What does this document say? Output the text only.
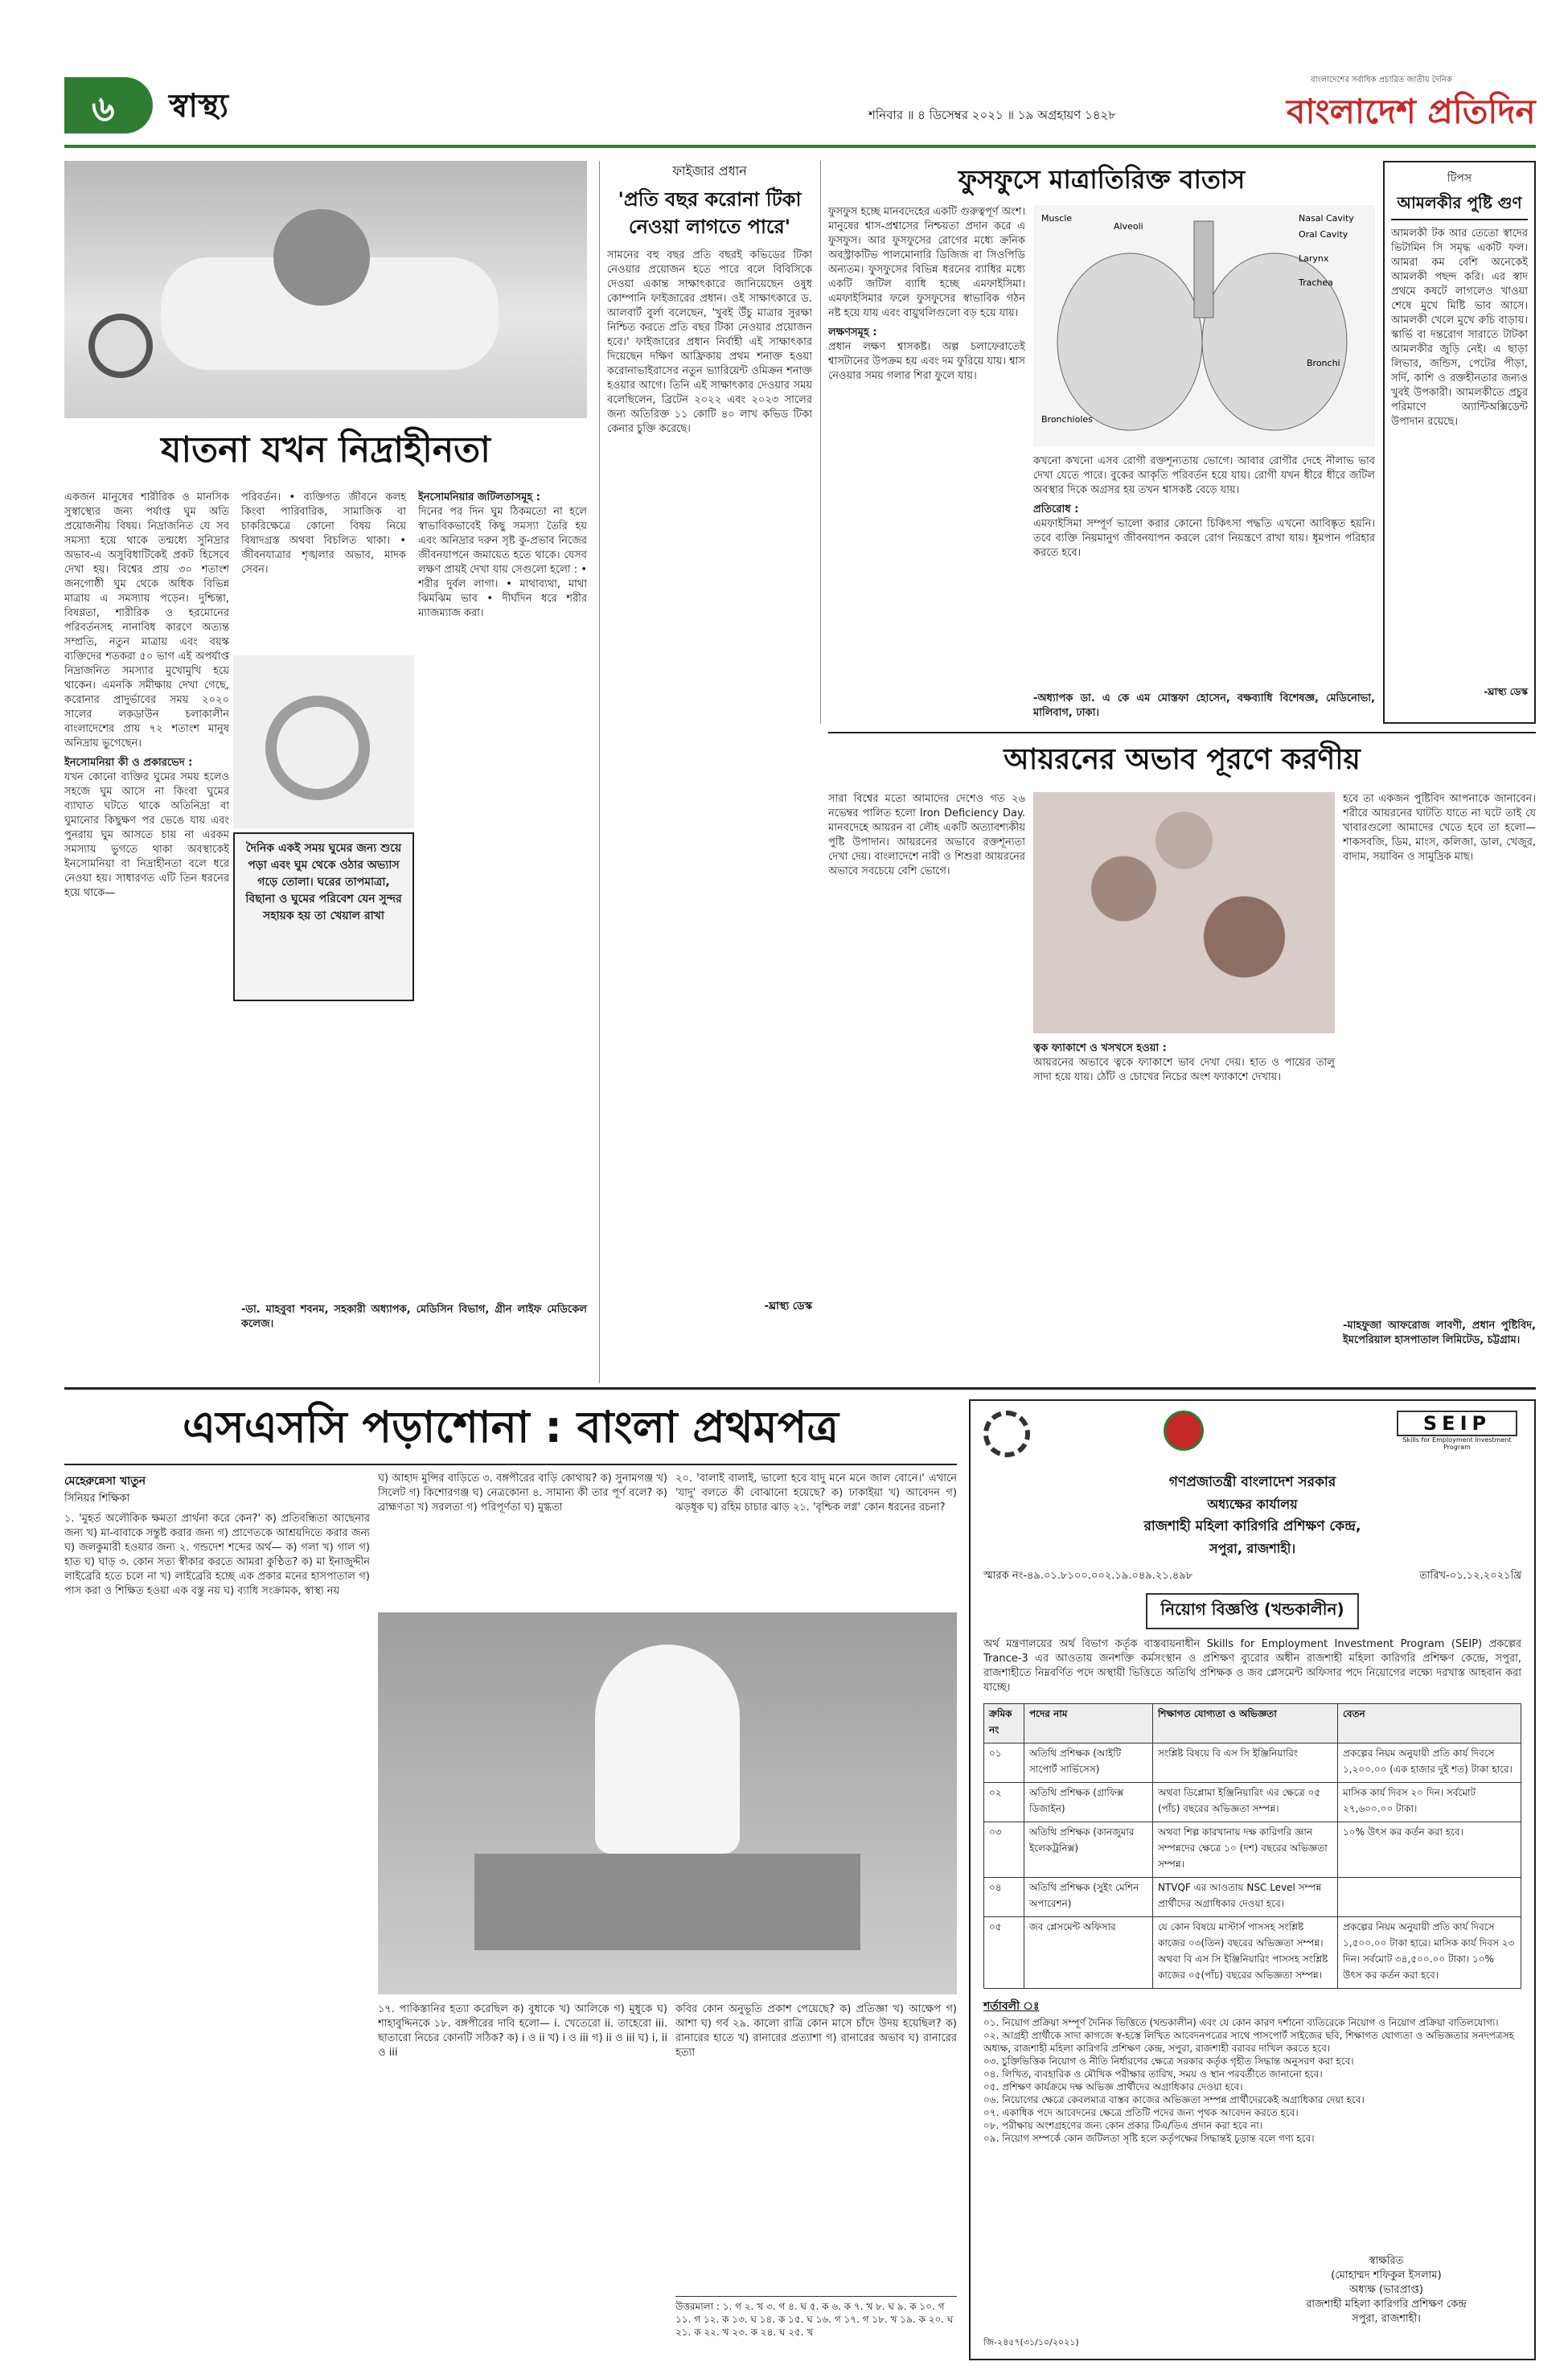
৬ স্বাস্থ্য	শনিবার ॥ ৪ ডিসেম্বর ২০২১ ॥ ১৯ অগ্রহায়ণ ১৪২৮
বাংলাদেশের সর্বাধিক প্রচারিত জাতীয় দৈনিক
বাংলাদেশ প্রতিদিন
যাতনা যখন নিদ্রাহীনতা

একজন মানুষের শারীরিক ও মানসিক সুস্বাস্থ্যের জন্য পর্যাপ্ত ঘুম অতি প্রয়োজনীয় বিষয়। নিদ্রাজনিত যে সব সমস্যা হয়ে থাকে তন্মধ্যে সুনিদ্রার অভাব-এ অসুবিধাটিকেই প্রকট হিসেবে দেখা হয়। বিশ্বের প্রায় ৩০ শতাংশ জনগোষ্ঠী ঘুম থেকে অধিক বিভিন্ন মাত্রায় এ সমস্যায় পড়েন। দুশ্চিন্তা, বিষণ্ণতা, শারীরিক ও হরমোনের পরিবর্তনসহ নানাবিধ কারণে অত্যন্ত সম্প্রতি, নতুন মাত্রায় এবং বয়স্ক ব্যক্তিদের শতকরা ৫০ ভাগ এই অপর্যাপ্ত নিদ্রাজনিত সমস্যার মুখোমুখি হয়ে থাকেন। এমনকি সমীক্ষায় দেখা গেছে, করোনার প্রাদুর্ভাবের সময় ২০২০ সালের লকডাউন চলাকালীন বাংলাদেশের প্রায় ৭২ শতাংশ মানুষ অনিদ্রায় ভুগেছেন।

ইনসোমনিয়া কী ও প্রকারভেদ :

যখন কোনো ব্যক্তির ঘুমের সময় হলেও সহজে ঘুম আসে না কিংবা ঘুমের ব্যাঘাত ঘটতে থাকে অতিনিদ্রা বা ঘুমানোর কিছুক্ষণ পর ভেঙে যায় এবং পুনরায় ঘুম আসতে চায় না এরকম সমস্যায় ভুগতে থাকা অবস্থাকেই ইনসোমনিয়া বা নিদ্রাহীনতা বলে ধরে নেওয়া হয়। সাধারণত এটি তিন ধরনের হয়ে থাকে—

দৈনিক একই সময় ঘুমের জন্য শুয়ে পড়া এবং ঘুম থেকে ওঠার অভ্যাস গড়ে তোলা। ঘরের তাপমাত্রা, বিছানা ও ঘুমের পরিবেশ যেন সুন্দর সহায়ক হয় তা খেয়াল রাখা

পরিবর্তন। • ব্যক্তিগত জীবনে কলহ কিংবা পারিবারিক, সামাজিক বা চাকরিক্ষেত্রে কোনো বিষয় নিয়ে বিষাদগ্রস্ত অথবা বিচলিত থাকা। • জীবনযাত্রার শৃঙ্খলার অভাব, মাদক সেবন।

ইনসোমনিয়ার জটিলতাসমূহ :

দিনের পর দিন ঘুম ঠিকমতো না হলে স্বাভাবিকভাবেই কিছু সমস্যা তৈরি হয় এবং অনিদ্রার দরুন সৃষ্ট কু-প্রভাব নিজের জীবনযাপনে জমায়েত হতে থাকে। যেসব লক্ষণ প্রায়ই দেখা যায় সেগুলো হলো : • শরীর দুর্বল লাগা। • মাথাব্যথা, মাথা ঝিমঝিম ভাব • দীর্ঘদিন ধরে শরীর ম্যাজম্যাজ করা।

-ডা. মাহবুবা শবনম, সহকারী অধ্যাপক, মেডিসিন বিভাগ, গ্রীন লাইফ মেডিকেল কলেজ।
ফাইজার প্রধান
'প্রতি বছর করোনা টিকা নেওয়া লাগতে পারে'

সামনের বহু বছর প্রতি বছরই কভিডের টিকা নেওয়ার প্রয়োজন হতে পারে বলে বিবিসিকে দেওয়া একান্ত সাক্ষাৎকারে জানিয়েছেন ওষুধ কোম্পানি ফাইজারের প্রধান। ওই সাক্ষাৎকারে ড. আলবার্ট বুর্লা বলেছেন, 'খুবই উঁচু মাত্রার সুরক্ষা নিশ্চিত করতে প্রতি বছর টিকা নেওয়ার প্রয়োজন হবে।' ফাইজারের প্রধান নির্বাহী এই সাক্ষাৎকার দিয়েছেন দক্ষিণ আফ্রিকায় প্রথম শনাক্ত হওয়া করোনাভাইরাসের নতুন ভ্যারিয়েন্ট ওমিক্রন শনাক্ত হওয়ার আগে। তিনি এই সাক্ষাৎকার দেওয়ার সময় বলেছিলেন, ব্রিটেন ২০২২ এবং ২০২৩ সালের জন্য অতিরিক্ত ১১ কোটি ৪০ লাখ কভিড টিকা কেনার চুক্তি করেছে।

-ঘ্রাস্থ্য ডেস্ক
ফুসফুসে মাত্রাতিরিক্ত বাতাস

ফুসফুস হচ্ছে মানবদেহের একটি গুরুত্বপূর্ণ অংশ। মানুষের শ্বাস-প্রশ্বাসের নিশ্চয়তা প্রদান করে এ ফুসফুস। আর ফুসফুসের রোগের মধ্যে ক্রনিক অবস্ট্রাকটিভ পালমোনারি ডিজিজ বা সিওপিডি অন্যতম। ফুসফুসের বিভিন্ন ধরনের ব্যাধির মধ্যে একটি জটিল ব্যাধি হচ্ছে এমফাইসিমা। এমফাইসিমার ফলে ফুসফুসের স্বাভাবিক গঠন নষ্ট হয়ে যায় এবং বায়ুথলিগুলো বড় হয়ে যায়।

লক্ষণসমূহ :

প্রধান লক্ষণ শ্বাসকষ্ট। অল্প চলাফেরাতেই শ্বাসটানের উপক্রম হয় এবং দম ফুরিয়ে যায়। শ্বাস নেওয়ার সময় গলার শিরা ফুলে যায়।

Muscle
Alveoli
Nasal Cavity
Oral Cavity
Larynx
Trachea
Bronchi
Bronchioles

কখনো কখনো এসব রোগী রক্তশূন্যতায় ভোগে। আবার রোগীর দেহে নীলাভ ভাব দেখা যেতে পারে। বুকের আকৃতি পরিবর্তন হয়ে যায়। রোগী যখন ধীরে ধীরে জটিল অবস্থার দিকে অগ্রসর হয় তখন শ্বাসকষ্ট বেড়ে যায়।

প্রতিরোধ :

এমফাইসিমা সম্পূর্ণ ভালো করার কোনো চিকিৎসা পদ্ধতি এখনো আবিষ্কৃত হয়নি। তবে ব্যক্তি নিয়মানুগ জীবনযাপন করলে রোগ নিয়ন্ত্রণে রাখা যায়। ধূমপান পরিহার করতে হবে।

-অধ্যাপক ডা. এ কে এম মোস্তফা হোসেন, বক্ষব্যাধি বিশেষজ্ঞ, মেডিনোভা, মালিবাগ, ঢাকা।
টিপস
আমলকীর পুষ্টি গুণ

আমলকী টক আর তেতো স্বাদের ভিটামিন সি সমৃদ্ধ একটি ফল। আমরা কম বেশি অনেকেই আমলকী পছন্দ করি। এর স্বাদ প্রথমে কষটে লাগলেও খাওয়া শেষে মুখে মিষ্টি ভাব আসে। আমলকী খেলে মুখে রুচি বাড়ায়। স্কার্ভি বা দন্তরোগ সারাতে টাটকা আমলকীর জুড়ি নেই। এ ছাড়া লিভার, জন্ডিস, পেটের পীড়া, সর্দি, কাশি ও রক্তহীনতার জন্যও খুবই উপকারী। আমলকীতে প্রচুর পরিমাণে অ্যান্টিঅক্সিডেন্ট উপাদান রয়েছে।

-ঘ্রাস্থ্য ডেস্ক
আয়রনের অভাব পূরণে করণীয়

সারা বিশ্বের মতো আমাদের দেশেও গত ২৬ নভেম্বর পালিত হলো Iron Deficiency Day. মানবদেহে আয়রন বা লৌহ একটি অত্যাবশ্যকীয় পুষ্টি উপাদান। আয়রনের অভাবে রক্তশূন্যতা দেখা দেয়। বাংলাদেশে নারী ও শিশুরা আয়রনের অভাবে সবচেয়ে বেশি ভোগে।

ত্বক ফ্যাকাশে ও খসখসে হওয়া :

আয়রনের অভাবে ত্বকে ফ্যাকাশে ভাব দেখা দেয়। হাত ও পায়ের তালু সাদা হয়ে যায়। ঠোঁট ও চোখের নিচের অংশ ফ্যাকাশে দেখায়।

হবে তা একজন পুষ্টিবিদ আপনাকে জানাবেন। শরীরে আয়রনের ঘাটতি যাতে না ঘটে তাই যে খাবারগুলো আমাদের খেতে হবে তা হলো— শাকসবজি, ডিম, মাংস, কলিজা, ডাল, খেজুর, বাদাম, সয়াবিন ও সামুদ্রিক মাছ।

-মাহফুজা আফরোজ লাবণী, প্রধান পুষ্টিবিদ, ইমপেরিয়াল হাসপাতাল লিমিটেড, চট্টগ্রাম।
এসএসসি পড়াশোনা : বাংলা প্রথমপত্র
মেহেরুন্নেসা খাতুন
সিনিয়র শিক্ষিকা

১. 'মুহর্ত অলৌকিক ক্ষমতা প্রার্থনা করে কেন?' ক) প্রতিবন্ধিতা আছেনার জন্য খ) মা-বাবাকে সন্তুষ্ট করার জন্য গ) প্রাণেতকে আশ্রয়দিতে করার জন্য ঘ) জলকুমারী হওয়ার জন্য ২. গন্ডদেশ শব্দের অর্থ— ক) গলা খ) গাল গ) হাত ঘ) ঘাড় ৩. কোন সত্য স্বীকার করতে আমরা কুণ্ঠিত? ক) মা ইনাজুদ্দীন লাইব্রেরি হতে চলে না খ) লাইব্রেরি হচ্ছে এক প্রকার মনের হাসপাতাল গ) পাস করা ও শিক্ষিত হওয়া এক বস্তু নয় ঘ) ব্যাধি সংক্রামক, স্বাস্থ্য নয়

ঘ) আহাদ মুন্সির বাড়িতে ৩. বঙ্গপীরের বাড়ি কোথায়? ক) সুনামগঞ্জ খ) সিলেট গ) কিশোরগঞ্জ ঘ) নেত্রকোনা ৪. সামান্য কী তার পূর্ণ বলে? ক) ব্রাহ্মণতা খ) সরলতা গ) পরিপূর্ণতা ঘ) মুগ্ধতা

২০. 'বালাই বালাই, ভালো হবে যাদু মনে মনে জাল বোনে।' এখানে 'যাদু' বলতে কী বোঝানো হয়েছে? ক) ঢাকাইয়া খ) আবেদন গ) ঝড়ধূক ঘ) রহিম চাচার ঝাড় ২১. 'বৃশ্চিক লগ্ন' কোন ধরনের রচনা?

১৭. পাকিস্তানির হত্যা করেছিল ক) বুধাকে খ) আলিকে গ) মুধুকে ঘ) শাহাবুদ্দিনকে ১৮. বঙ্গপীরের দাবি হলো— i. খেতেরো ii. তাহেরো iii. ছাতারো নিচের কোনটি সঠিক? ক) i ও ii খ) i ও iii গ) ii ও iii ঘ) i, ii ও iii

কবির কোন অনুভূতি প্রকাশ পেয়েছে? ক) প্রতিজ্ঞা খ) আক্ষেপ গ) আশা ঘ) গর্ব ২৯. কালো রাত্রি কোন মাসে চাঁদে উদয় হয়েছিল? ক) রানারের হাতে খ) রানারের প্রত্যাশা গ) রানারের অভাব ঘ) রানারের হত্যা

উত্তরমালা : ১. গ ২. খ ৩. গ ৪. ঘ ৫. ক ৬. ক ৭. খ ৮. ঘ ৯. ক ১০. গ ১১. গ ১২. ক ১৩. ঘ ১৪. ক ১৫. ঘ ১৬. গ ১৭. গ ১৮. খ ১৯. ক ২০. ঘ ২১. ক ২২. খ ২৩. ক ২৪. ঘ ২৫. খ
SEIP
Skills for Employment Investment Program
গণপ্রজাতন্ত্রী বাংলাদেশ সরকার
অধ্যক্ষের কার্যালয়
রাজশাহী মহিলা কারিগরি প্রশিক্ষণ কেন্দ্র,
সপুরা, রাজশাহী।
স্মারক নং-৪৯.০১.৮১০০.০০২.১৯.০৪৯.২১.৪৯৮	তারিখ-০১.১২.২০২১খ্রি
নিয়োগ বিজ্ঞপ্তি (খন্ডকালীন)

অর্থ মন্ত্রণালয়ের অর্থ বিভাগ কর্তৃক বাস্তবায়নাধীন Skills for Employment Investment Program (SEIP) প্রকল্পের Trance-3 এর আওতায় জনশক্তি কর্মসংস্থান ও প্রশিক্ষণ ব্যুরোর অধীন রাজশাহী মহিলা কারিগরি প্রশিক্ষণ কেন্দ্রে, সপুরা, রাজশাহীতে নিম্নবর্ণিত পদে অস্থায়ী ভিত্তিতে অতিথি প্রশিক্ষক ও জব প্লেসমেন্ট অফিসার পদে নিয়োগের লক্ষ্যে দরখাস্ত আহবান করা যাচ্ছে।

ক্রমিক নং	পদের নাম	শিক্ষাগত যোগ্যতা ও অভিজ্ঞতা	বেতন
০১	অতিথি প্রশিক্ষক (আইটি সাপোর্ট সার্ভিসেস)	সংশ্লিষ্ট বিষয়ে বি এস সি ইঞ্জিনিয়ারিং	প্রকল্পের নিয়ম অনুযায়ী প্রতি কার্য দিবসে ১,২০০.০০ (এক হাজার দুই শত) টাকা হারে।
০২	অতিথি প্রশিক্ষক (গ্রাফিক্স ডিজাইন)	অথবা ডিপ্লোমা ইঞ্জিনিয়ারিং এর ক্ষেত্রে ০৫ (পাঁচ) বছরের অভিজ্ঞতা সম্পন্ন।	মাসিক কার্য দিবস ২০ দিন। সর্বমোট ২৭,৬০০.০০ টাকা।
০৩	অতিথি প্রশিক্ষক (কানজুমার ইলেকট্রনিক্স)	অথবা শিল্প কারখানায় দক্ষ কারিগরি জ্ঞান সম্পন্নদের ক্ষেত্রে ১০ (দশ) বছরের অভিজ্ঞতা সম্পন্ন।	১০% উৎস কর কর্তন করা হবে।
০৪	অতিথি প্রশিক্ষক (সুইং মেশিন অপারেশন)	NTVQF এর আওতায় NSC Level সম্পন্ন প্রার্থীদের অগ্রাধিকার দেওয়া হবে।	
০৫	জব প্লেসমেন্ট অফিসার	যে কোন বিষয়ে মাস্টার্স পাসসহ সংশ্লিষ্ট কাজের ০৩(তিন) বছরের অভিজ্ঞতা সম্পন্ন। অথবা বি এস সি ইঞ্জিনিয়ারিং পাসসহ সংশ্লিষ্ট কাজের ০৫(পাঁচ) বছরের অভিজ্ঞতা সম্পন্ন।	প্রকল্পের নিয়ম অনুযায়ী প্রতি কার্য দিবসে ১,৫০০.০০ টাকা হারে। মাসিক কার্য দিবস ২৩ দিন। সর্বমোট ৩৪,৫০০.০০ টাকা। ১০% উৎস কর কর্তন করা হবে।
শর্তাবলী ঃ

০১. নিয়োগ প্রক্রিয়া সম্পূর্ণ দৈনিক ভিত্তিতে (খন্ডকালীন) এবং যে কোন কারণ দর্শানো ব্যতিরেকে নিয়োগ ও নিয়োগ প্রক্রিয়া বাতিলযোগ্য।

০২. আগ্রহী প্রার্থীকে সাদা কাগজে স্ব-হস্তে লিখিত আবেদনপত্রের সাথে পাসপোর্ট সাইজের ছবি, শিক্ষাগত যোগ্যতা ও অভিজ্ঞতার সনদপত্রসহ অধ্যক্ষ, রাজশাহী মহিলা কারিগরি প্রশিক্ষণ কেন্দ্র, সপুরা, রাজশাহী বরাবর দাখিল করতে হবে।

০৩. চুক্তিভিত্তিক নিয়োগ ও নীতি নির্ধারণের ক্ষেত্রে সরকার কর্তৃক গৃহীত সিদ্ধান্ত অনুসরণ করা হবে।

০৪. লিখিত, ব্যবহারিক ও মৌখিক পরীক্ষার তারিখ, সময় ও স্থান পরবর্তীতে জানানো হবে।

০৫. প্রশিক্ষণ কার্যক্রমে দক্ষ অভিজ্ঞ প্রার্থীদের অগ্রাধিকার দেওয়া হবে।

০৬. নিয়োগের ক্ষেত্রে কেবলমাত্র বাস্তব কাজের অভিজ্ঞতা সম্পন্ন প্রার্থীদেরকেই অগ্রাধিকার দেয়া হবে।

০৭. একাধিক পদে আবেদনের ক্ষেত্রে প্রতিটি পদের জন্য পৃথক আবেদন করতে হবে।

০৮. পরীক্ষায় অংশগ্রহণের জন্য কোন প্রকার টিএ/ডিএ প্রদান করা হবে না।

০৯. নিয়োগ সম্পর্কে কোন জটিলতা সৃষ্টি হলে কর্তৃপক্ষের সিদ্ধান্তই চূড়ান্ত বলে গণ্য হবে।

স্বাক্ষরিত
(মোহাম্মদ শফিকুল ইসলাম)
অধ্যক্ষ (ভারপ্রাপ্ত)
রাজশাহী মহিলা কারিগরি প্রশিক্ষণ কেন্দ্র
সপুরা, রাজশাহী।
জি-২৪৫৭(৩১/১০/২০২১)
